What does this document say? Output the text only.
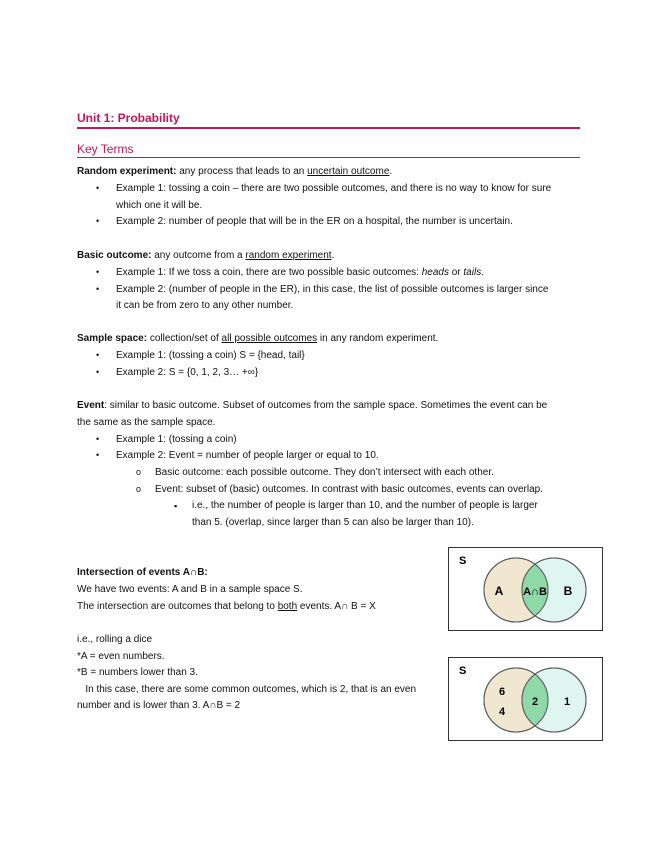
Unit 1: Probability
Key Terms
Random experiment: any process that leads to an uncertain outcome.
• Example 1: tossing a coin – there are two possible outcomes, and there is no way to know for sure
which one it will be.
• Example 2: number of people that will be in the ER on a hospital, the number is uncertain.
Basic outcome: any outcome from a random experiment.
• Example 1: If we toss a coin, there are two possible basic outcomes: heads or tails.
• Example 2: (number of people in the ER), in this case, the list of possible outcomes is larger since
it can be from zero to any other number.
Sample space: collection/set of all possible outcomes in any random experiment.
• Example 1: (tossing a coin) S = {head, tail}
• Example 2: S = {0, 1, 2, 3… +∞}
Event: similar to basic outcome. Subset of outcomes from the sample space. Sometimes the event can be
the same as the sample space.
• Example 1: (tossing a coin)
• Example 2: Event = number of people larger or equal to 10.
o Basic outcome: each possible outcome. They don’t intersect with each other.
o Event: subset of (basic) outcomes. In contrast with basic outcomes, events can overlap.
▪ i.e., the number of people is larger than 10, and the number of people is larger
than 5. (overlap, since larger than 5 can also be larger than 10).
Intersection of events A∩B:
We have two events: A and B in a sample space S.
The intersection are outcomes that belong to both events. A∩ B = X
i.e., rolling a dice
*A = even numbers.
*B = numbers lower than 3.
In this case, there are some common outcomes, which is 2, that is an even
number and is lower than 3. A∩B = 2
S
A A∩B B
S
6
4
2 1
